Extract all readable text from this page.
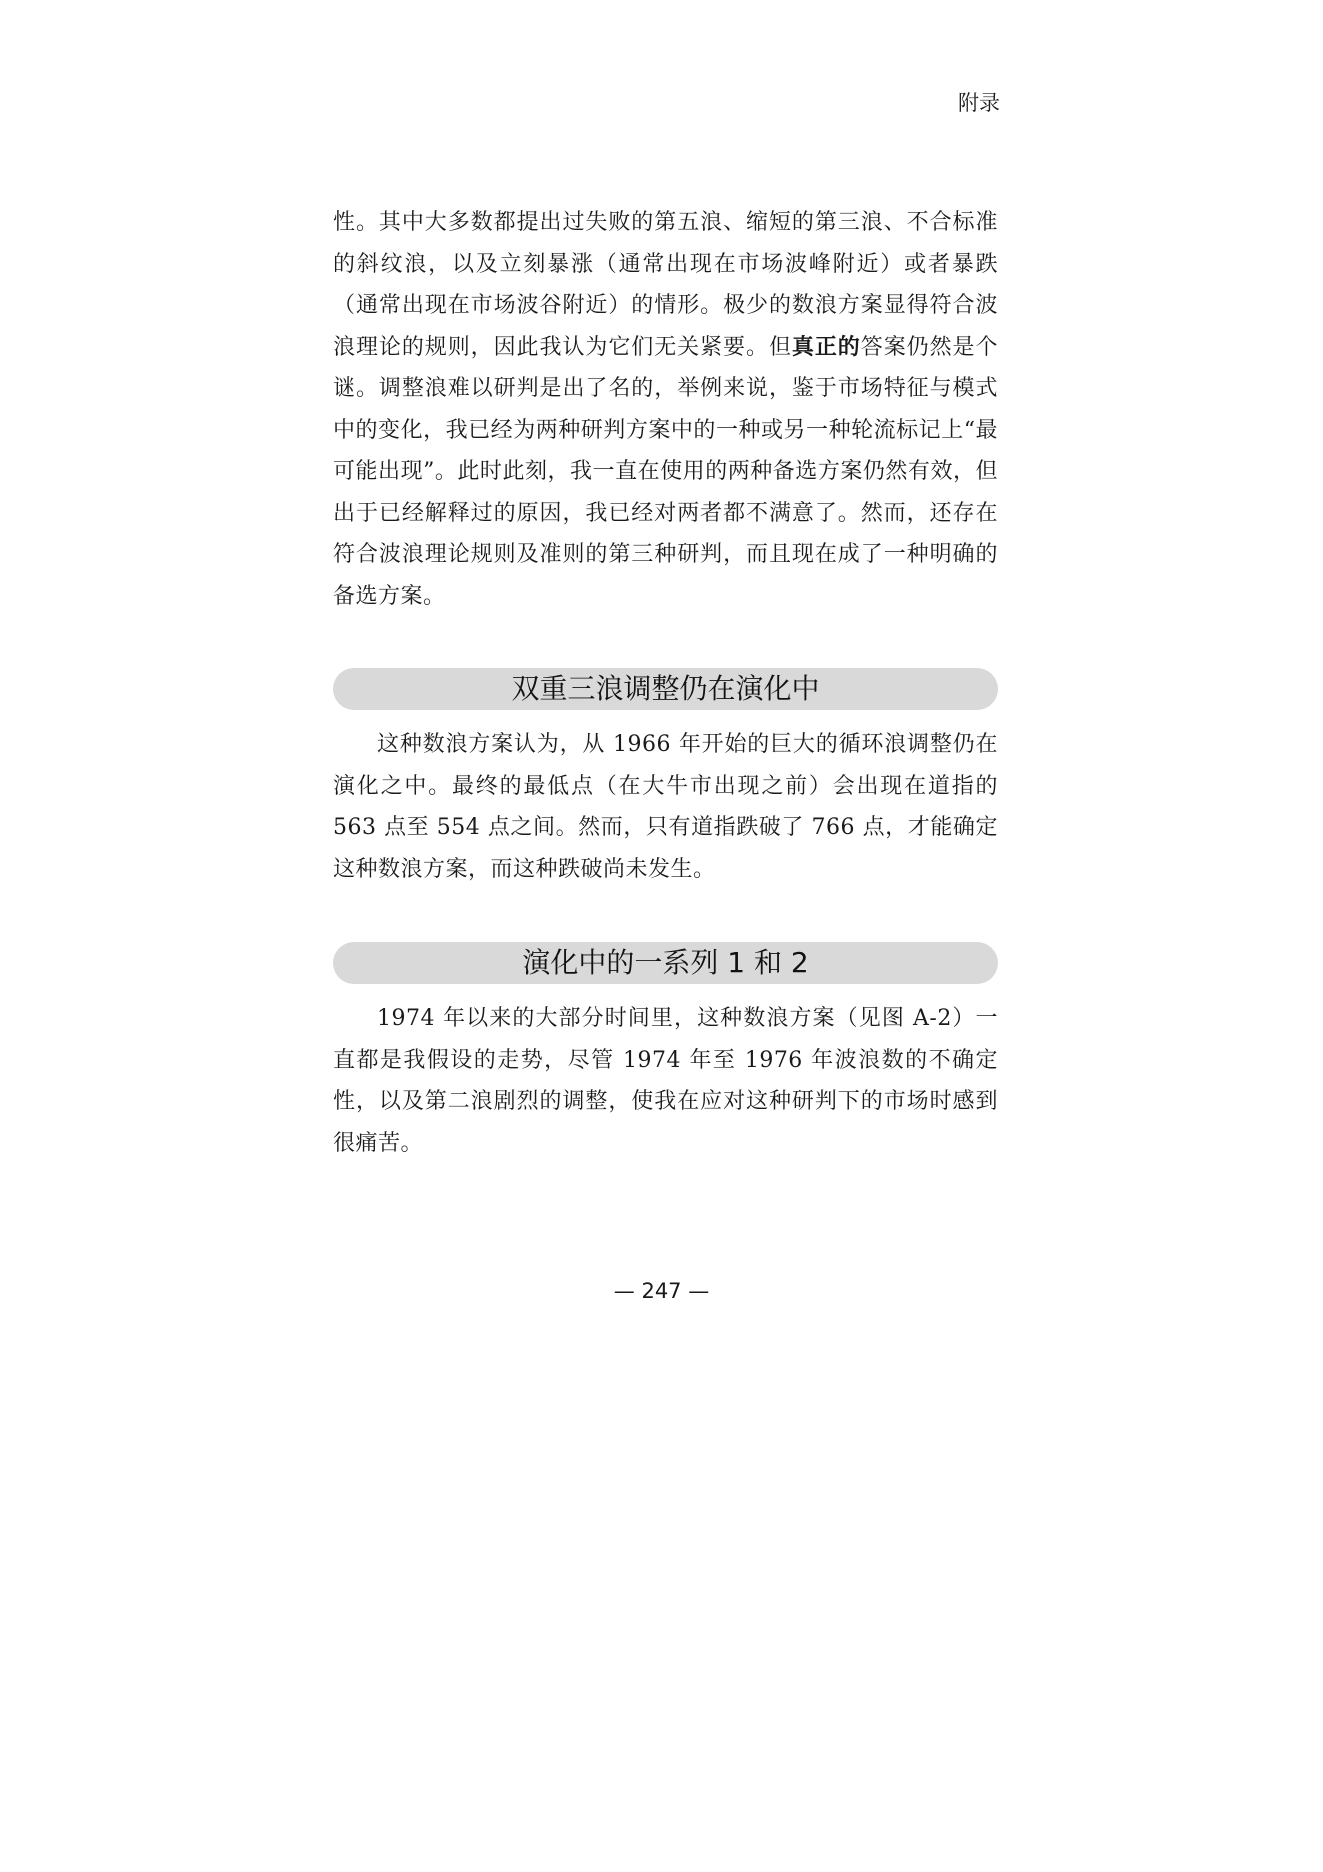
附录

性。其中大多数都提出过失败的第五浪、缩短的第三浪、不合标准的斜纹浪，以及立刻暴涨（通常出现在市场波峰附近）或者暴跌（通常出现在市场波谷附近）的情形。极少的数浪方案显得符合波浪理论的规则，因此我认为它们无关紧要。但真正的答案仍然是个谜。调整浪难以研判是出了名的，举例来说，鉴于市场特征与模式中的变化，我已经为两种研判方案中的一种或另一种轮流标记上“最可能出现”。此时此刻，我一直在使用的两种备选方案仍然有效，但出于已经解释过的原因，我已经对两者都不满意了。然而，还存在符合波浪理论规则及准则的第三种研判，而且现在成了一种明确的备选方案。

双重三浪调整仍在演化中

这种数浪方案认为，从 1966 年开始的巨大的循环浪调整仍在演化之中。最终的最低点（在大牛市出现之前）会出现在道指的 563 点至 554 点之间。然而，只有道指跌破了 766 点，才能确定这种数浪方案，而这种跌破尚未发生。

演化中的一系列 1 和 2

1974 年以来的大部分时间里，这种数浪方案（见图 A-2）一直都是我假设的走势，尽管 1974 年至 1976 年波浪数的不确定性，以及第二浪剧烈的调整，使我在应对这种研判下的市场时感到很痛苦。

— 247 —
